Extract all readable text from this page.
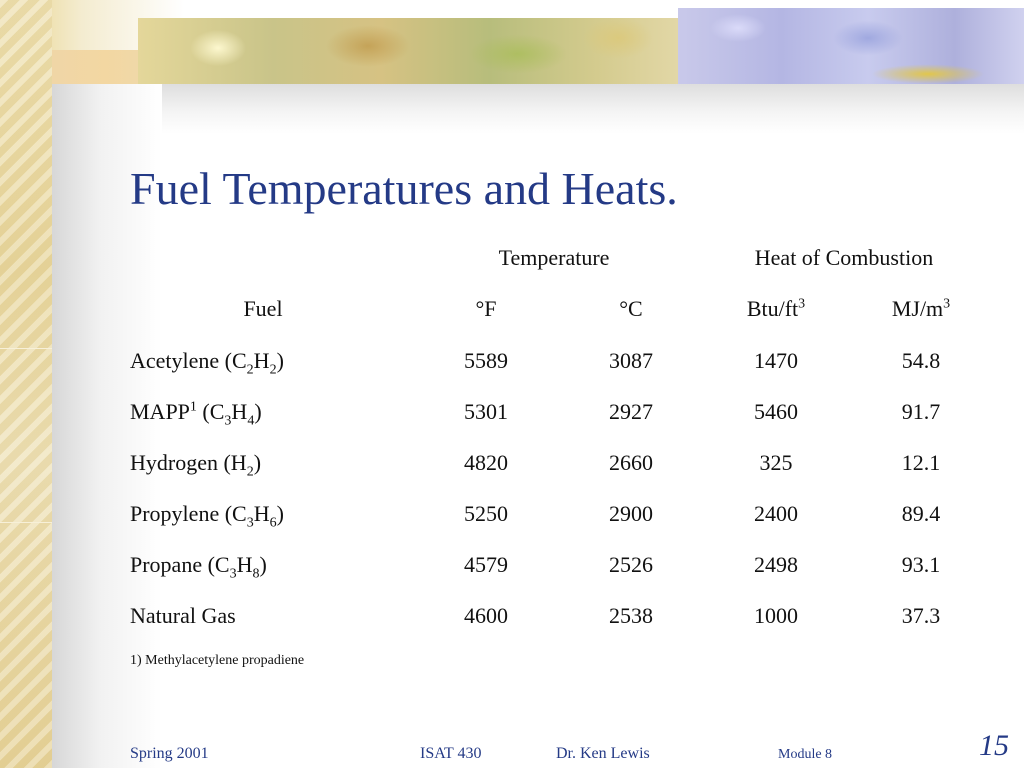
Fuel Temperatures and Heats.
Temperature	Heat of Combustion
Fuel	°F	°C	Btu/$ft^3$	$MJ/m^3$
Acetylene $(C_2H_2)$	5589	3087	1470	54.8
MAPP$^1$ $(C_3H_4)$	5301	2927	5460	91.7
Hydrogen $(H_2)$	4820	2660	325	12.1
Propylene $(C_3H_6)$	5250	2900	2400	89.4
Propane $(C_3H_8)$	4579	2526	2498	93.1
Natural Gas	4600	2538	1000	37.3
1) Methylacetylene propadiene
Spring 2001	ISAT 430	Dr. Ken Lewis	Module 8	15
